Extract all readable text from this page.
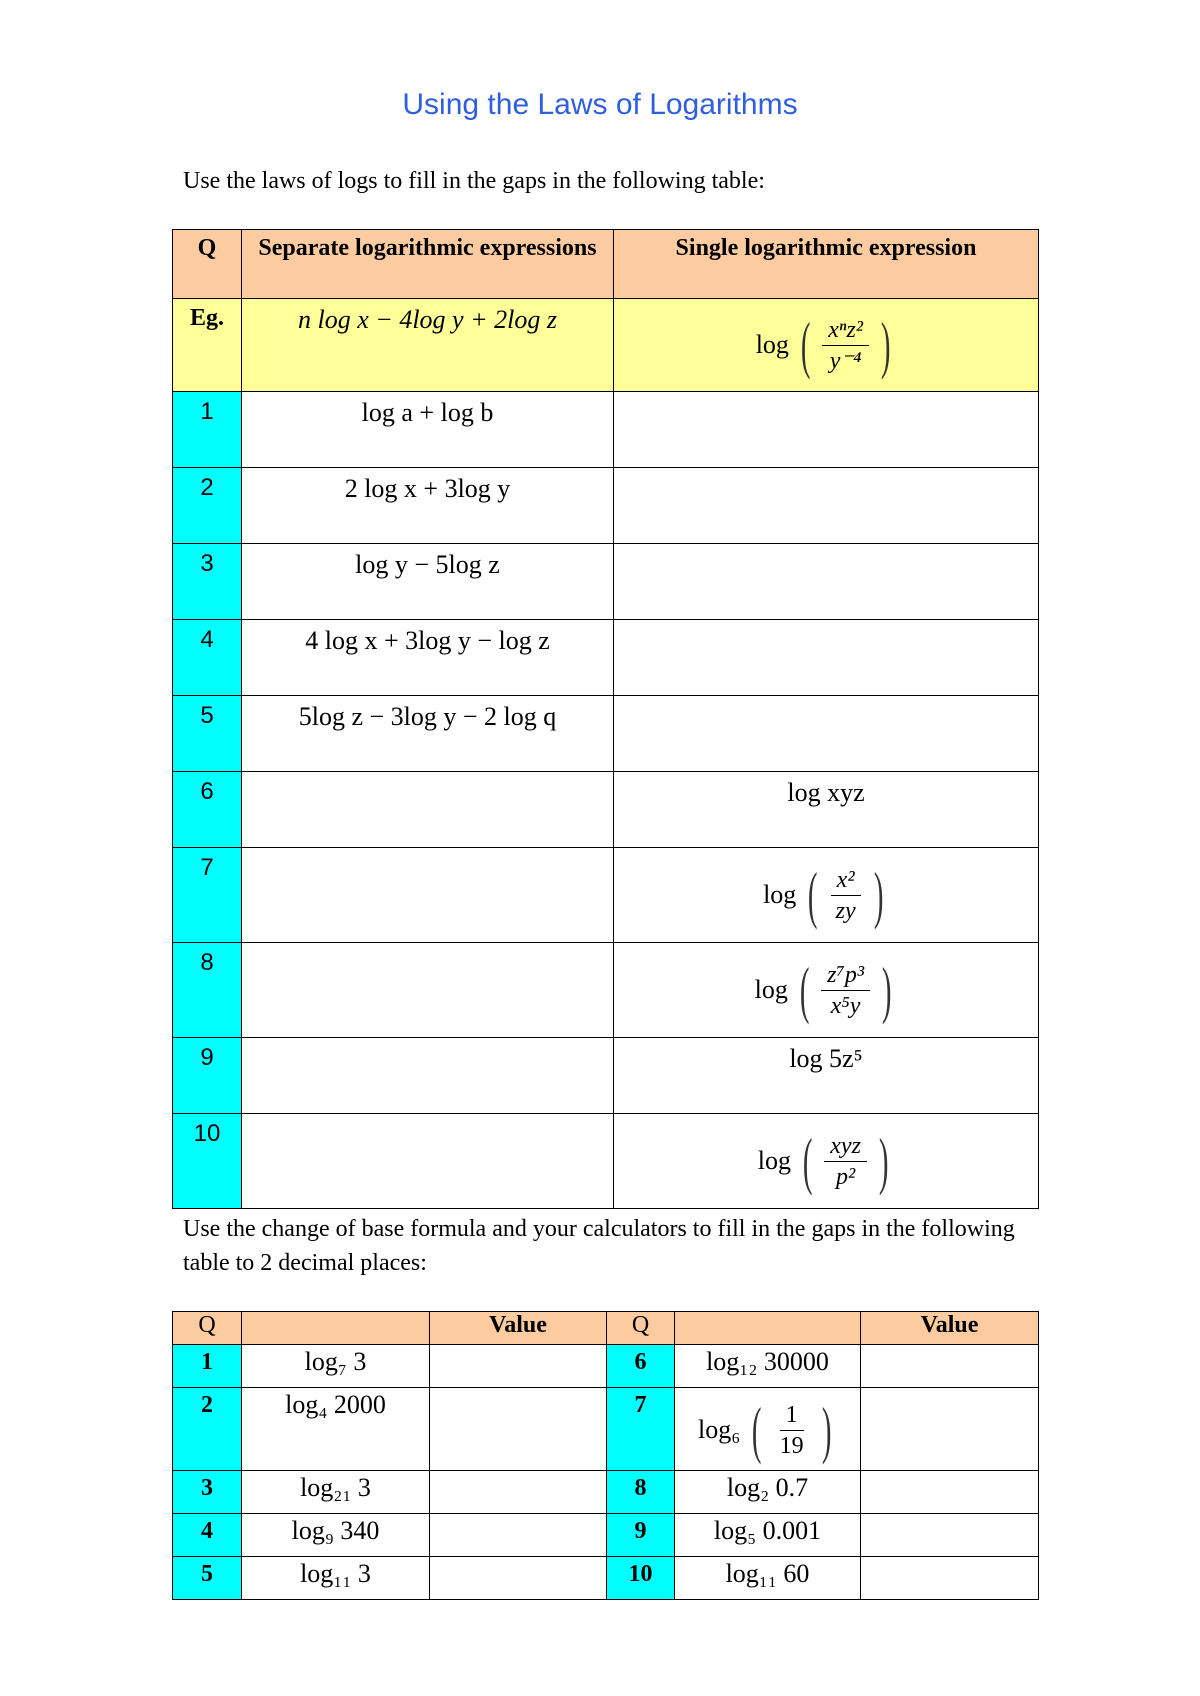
Using the Laws of Logarithms
Use the laws of logs to fill in the gaps in the following table:
Q	Separate logarithmic expressions	Single logarithmic expression
Eg.	n log x − 4log y + 2log z	log ( $\frac{\text{xⁿz²}}{\text{y⁻⁴}}$ )

1	log a + log b	
2	2 log x + 3log y	
3	log y − 5log z	
4	4 log x + 3log y − log z	
5	5log z − 3log y − 2 log q	
6		log xyz
7		log ( $\frac{\text{x²}}{zy}$ )

8		log ( $\frac{\text{z⁷p³}}{\text{x⁵y}}$ )

9		log 5z⁵
10		log ( $\frac{\text{xyz}}{\text{p²}}$ )
Use the change of base formula and your calculators to fill in the gaps in the following table to 2 decimal places:
Q		Value	Q		Value
1	log₇ 3		6	log₁₂ 30000	
2	log₄ 2000		7	log₆ ( $\frac{1}{19}$ )	

3	log₂₁ 3		8	log₂ 0.7	
4	log₉ 340		9	log₅ 0.001	
5	log₁₁ 3		10	log₁₁ 60	
